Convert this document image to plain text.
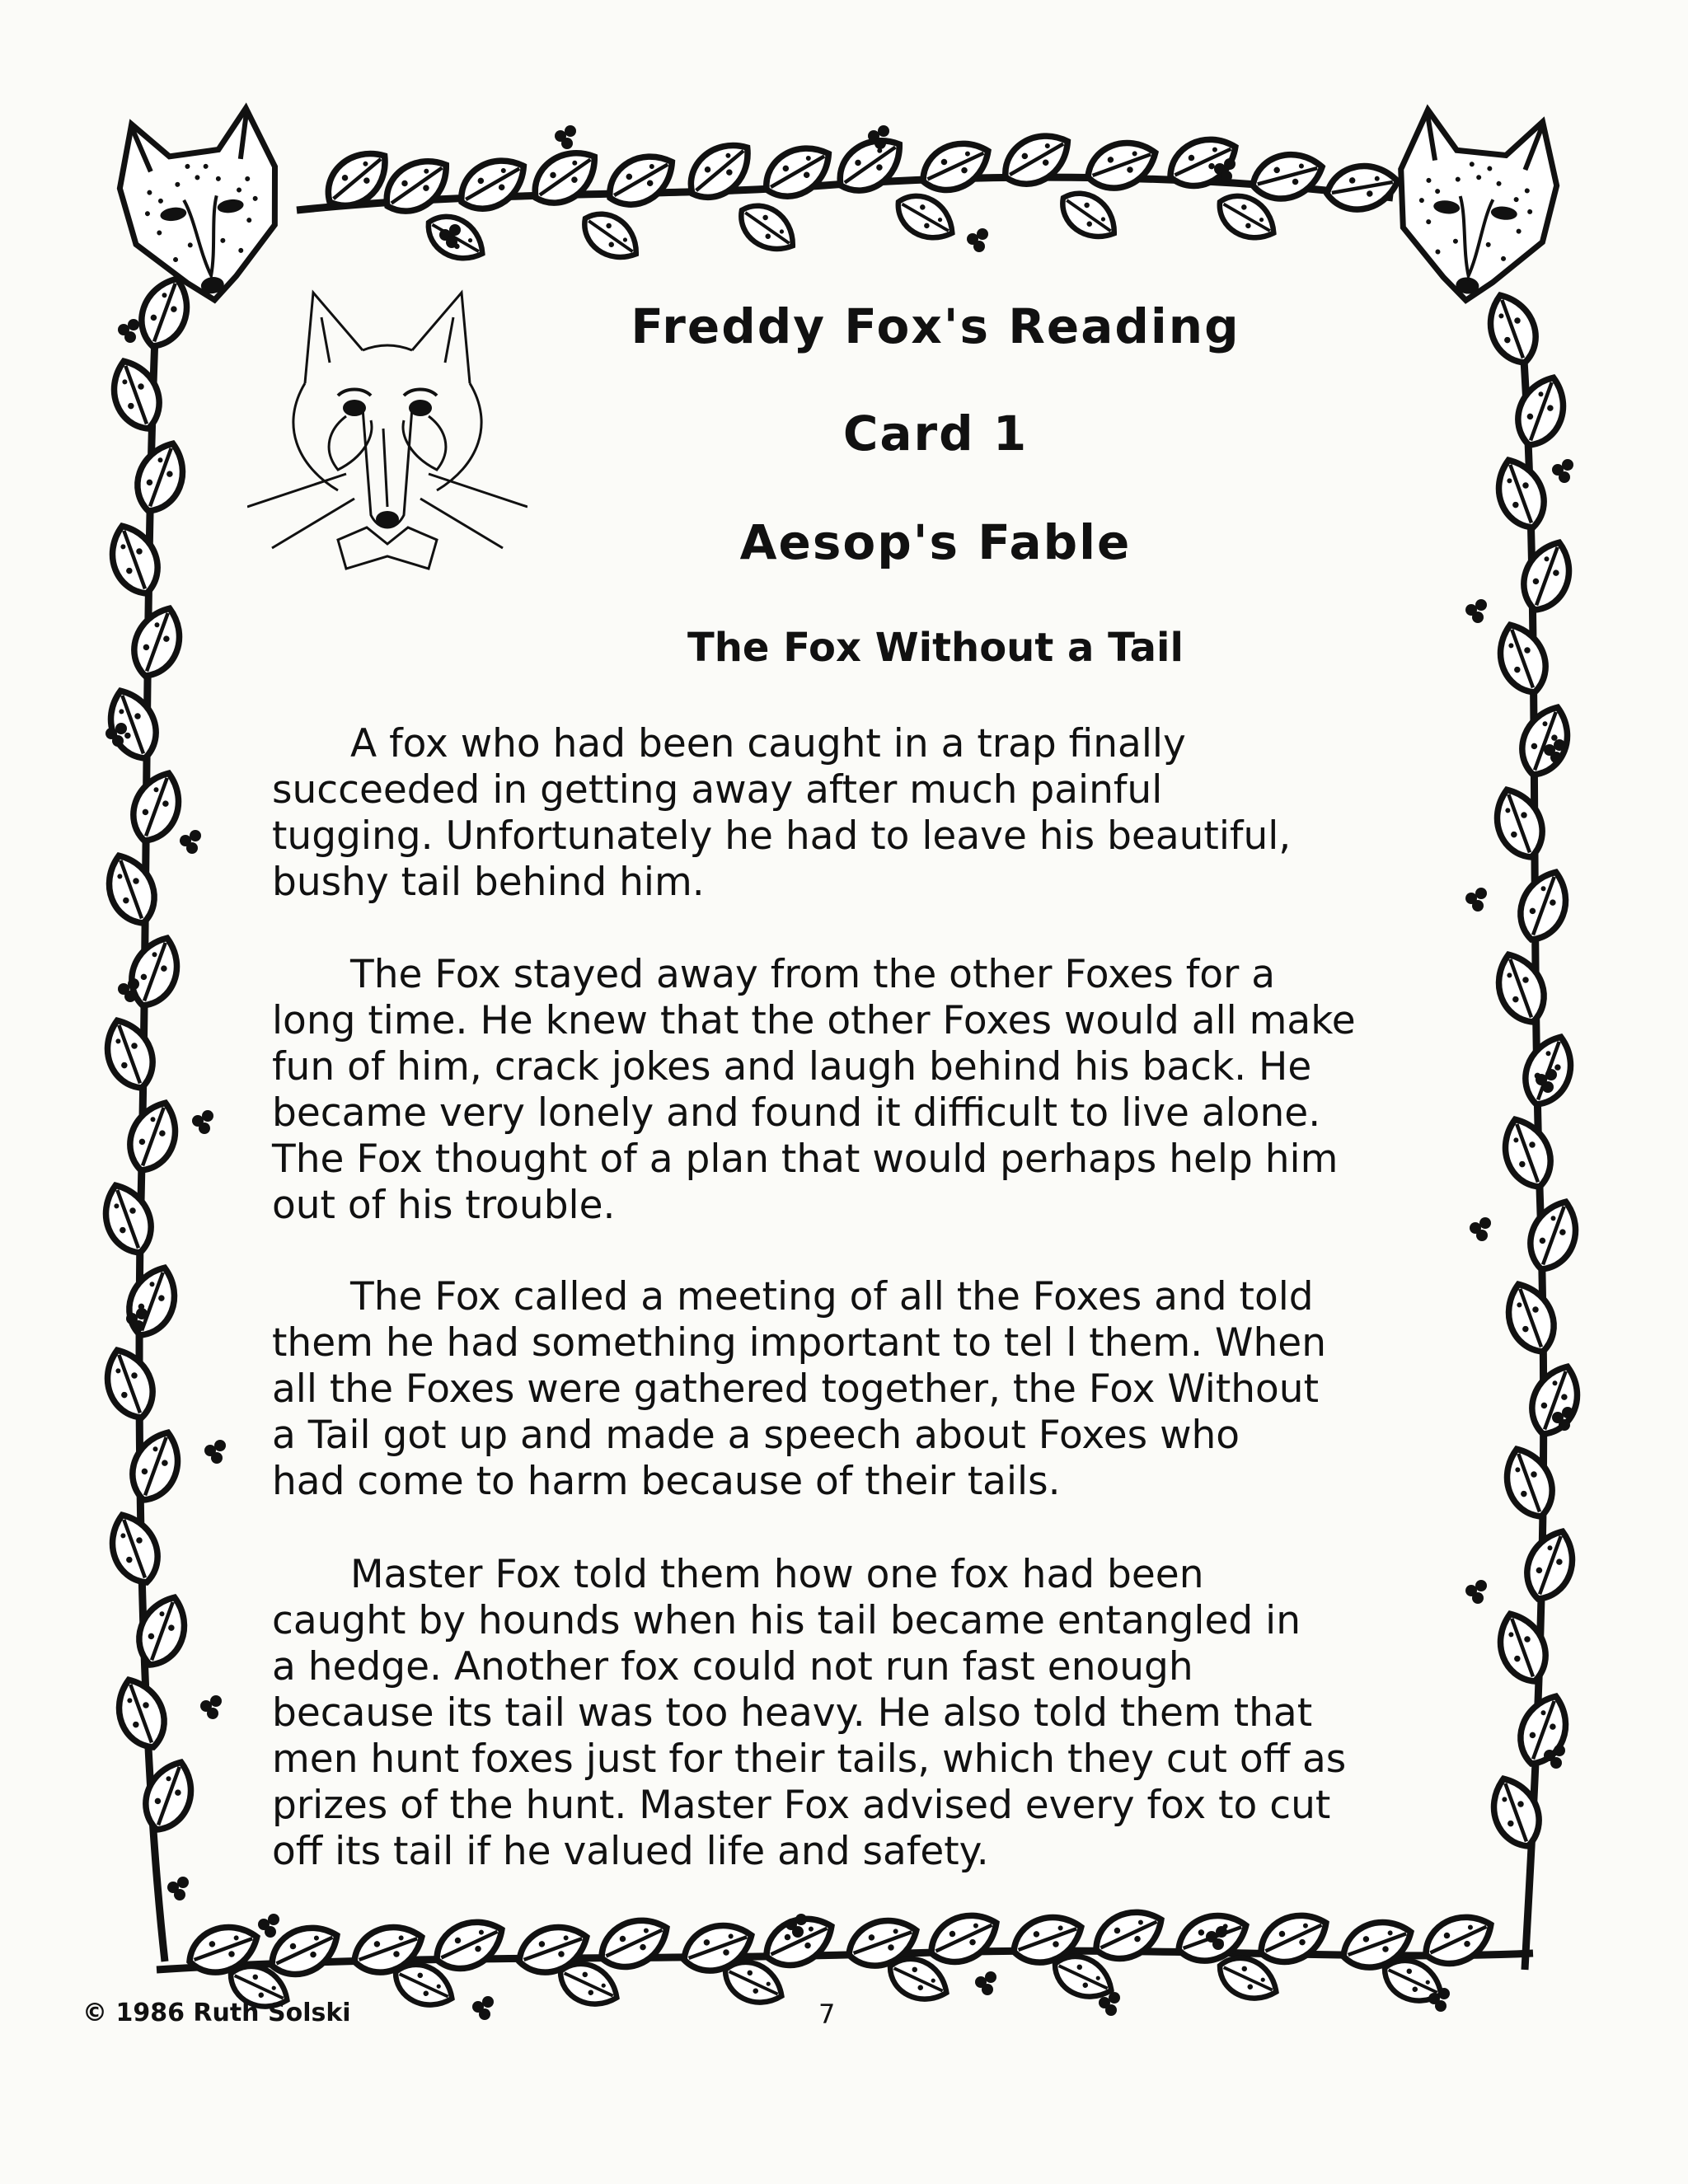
Freddy Fox's Reading
Card 1
Aesop's Fable
The Fox Without a Tail

A fox who had been caught in a trap finally
succeeded in getting away after much painful
tugging. Unfortunately he had to leave his beautiful,
bushy tail behind him.

The Fox stayed away from the other Foxes for a
long time. He knew that the other Foxes would all make
fun of him, crack jokes and laugh behind his back. He
became very lonely and found it difficult to live alone.
The Fox thought of a plan that would perhaps help him
out of his trouble.

The Fox called a meeting of all the Foxes and told
them he had something important to tel l them. When
all the Foxes were gathered together, the Fox Without
a Tail got up and made a speech about Foxes who
had come to harm because of their tails.

Master Fox told them how one fox had been
caught by hounds when his tail became entangled in
a hedge. Another fox could not run fast enough
because its tail was too heavy. He also told them that
men hunt foxes just for their tails, which they cut off as
prizes of the hunt. Master Fox advised every fox to cut
off its tail if he valued life and safety.

© 1986 Ruth Solski	7
